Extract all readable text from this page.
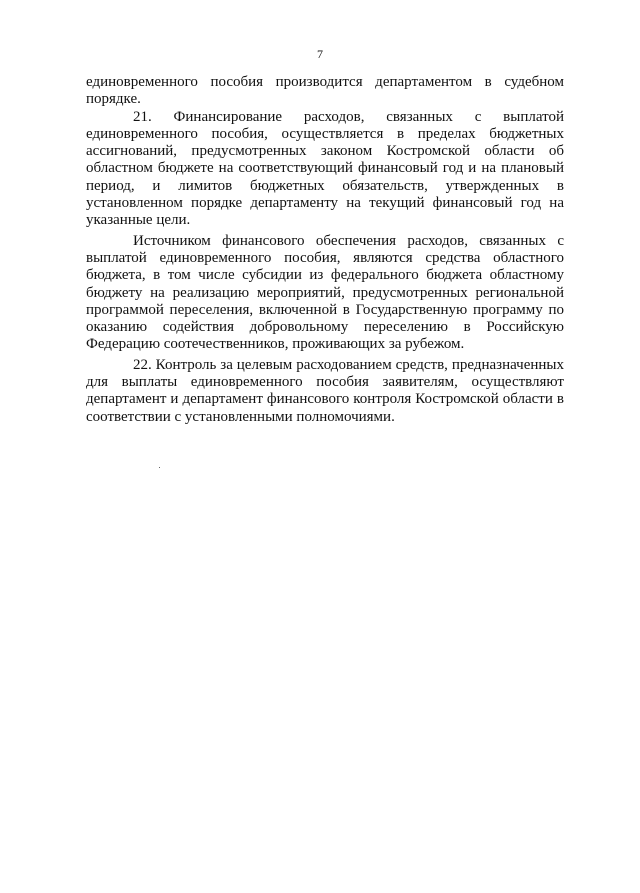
7

единовременного пособия производится департаментом в судебном порядке.

21. Финансирование расходов, связанных с выплатой единовременного пособия, осуществляется в пределах бюджетных ассигнований, предусмотренных законом Костромской области об областном бюджете на соответствующий финансовый год и на плановый период, и лимитов бюджетных обязательств, утвержденных в установленном порядке департаменту на текущий финансовый год на указанные цели.

Источником финансового обеспечения расходов, связанных с выплатой единовременного пособия, являются средства областного бюджета, в том числе субсидии из федерального бюджета областному бюджету на реализацию мероприятий, предусмотренных региональной программой переселения, включенной в Государственную программу по оказанию содействия добровольному переселению в Российскую Федерацию соотечественников, проживающих за рубежом.

22. Контроль за целевым расходованием средств, предназначенных для выплаты единовременного пособия заявителям, осуществляют департамент и департамент финансового контроля Костромской области в соответствии с установленными полномочиями.
